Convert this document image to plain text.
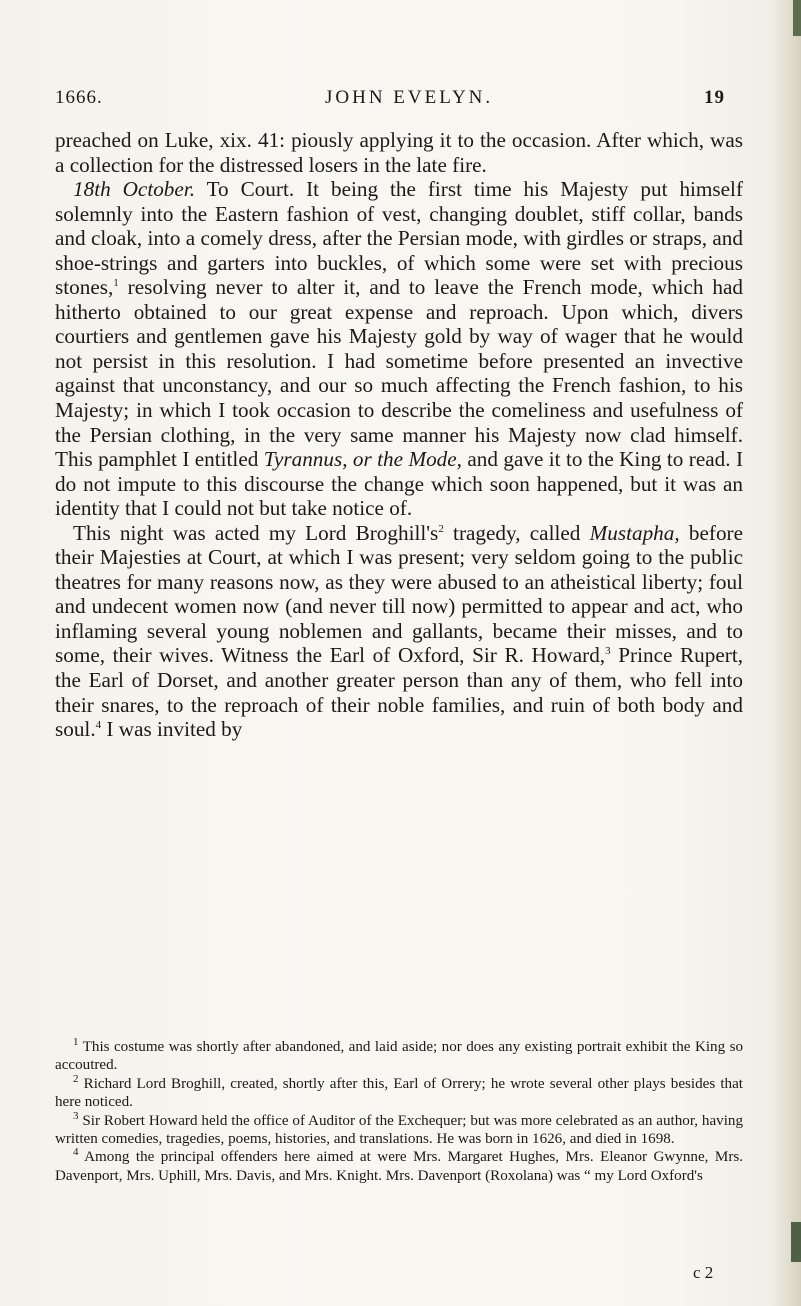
1666.	JOHN EVELYN.	19

preached on Luke, xix. 41: piously applying it to the occasion. After which, was a collection for the distressed losers in the late fire.

18th October. To Court. It being the first time his Majesty put himself solemnly into the Eastern fashion of vest, changing doublet, stiff collar, bands and cloak, into a comely dress, after the Persian mode, with girdles or straps, and shoe-strings and garters into buckles, of which some were set with precious stones,$^1$ resolving never to alter it, and to leave the French mode, which had hitherto obtained to our great expense and reproach. Upon which, divers courtiers and gentlemen gave his Majesty gold by way of wager that he would not persist in this resolution. I had sometime before presented an invective against that unconstancy, and our so much affecting the French fashion, to his Majesty; in which I took occasion to describe the comeliness and usefulness of the Persian clothing, in the very same manner his Majesty now clad himself. This pamphlet I entitled Tyrannus, or the Mode, and gave it to the King to read. I do not impute to this discourse the change which soon happened, but it was an identity that I could not but take notice of.

This night was acted my Lord $Broghill's^2$ tragedy, called Mustapha, before their Majesties at Court, at which I was present; very seldom going to the public theatres for many reasons now, as they were abused to an atheistical liberty; foul and undecent women now (and never till now) permitted to appear and act, who inflaming several young noblemen and gallants, became their misses, and to some, their wives. Witness the Earl of Oxford, Sir R. Howard,$^3$ Prince Rupert, the Earl of Dorset, and another greater person than any of them, who fell into their snares, to the reproach of their noble families, and ruin of both body and soul.$^4$ I was invited by

$^1$ This costume was shortly after abandoned, and laid aside; nor does any existing portrait exhibit the King so accoutred.

$^2$ Richard Lord Broghill, created, shortly after this, Earl of Orrery; he wrote several other plays besides that here noticed.

$^3$ Sir Robert Howard held the office of Auditor of the Exchequer; but was more celebrated as an author, having written comedies, tragedies, poems, histories, and translations. He was born in 1626, and died in 1698.

$^4$ Among the principal offenders here aimed at were Mrs. Margaret Hughes, Mrs. Eleanor Gwynne, Mrs. Davenport, Mrs. Uphill, Mrs. Davis, and Mrs. Knight. Mrs. Davenport (Roxolana) was “ my Lord Oxford's

c 2
